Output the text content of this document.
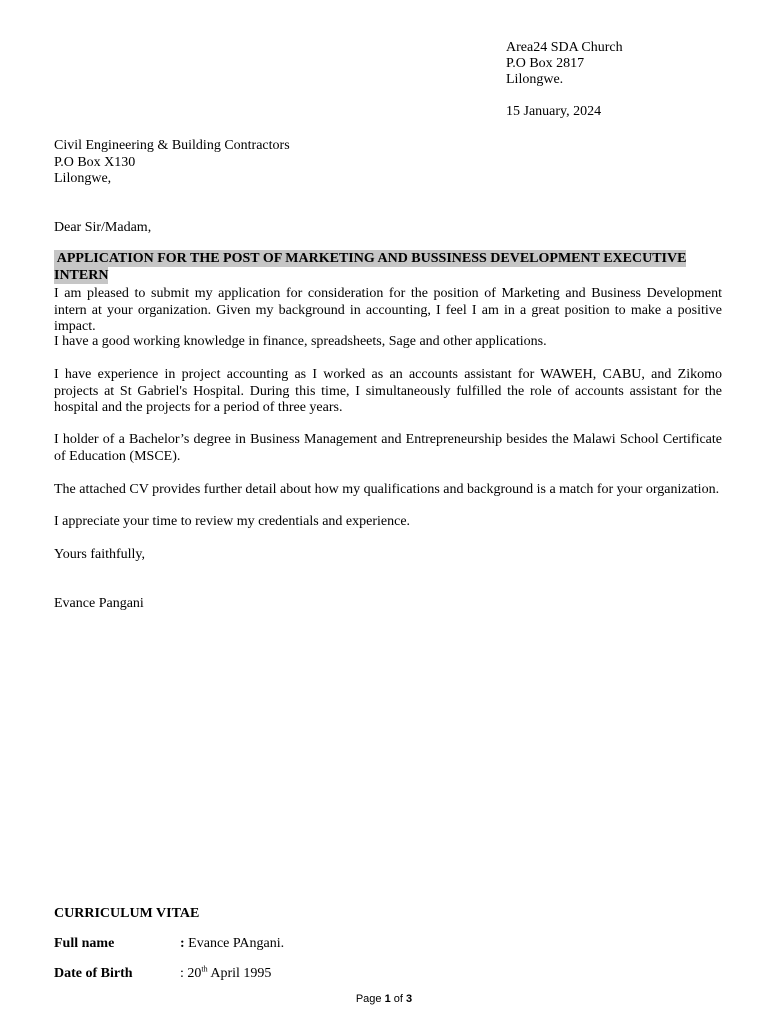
Area24 SDA Church
P.O Box 2817
Lilongwe.
15 January, 2024
Civil Engineering & Building Contractors
P.O Box X130
Lilongwe,
Dear Sir/Madam,
APPLICATION FOR THE POST OF MARKETING AND BUSSINESS DEVELOPMENT EXECUTIVE
INTERN
I am pleased to submit my application for consideration for the position of Marketing and Business Development intern at your organization. Given my background in accounting, I feel I am in a great position to make a positive impact.
I have a good working knowledge in finance, spreadsheets, Sage and other applications.
I have experience in project accounting as I worked as an accounts assistant for WAWEH, CABU, and Zikomo projects at St Gabriel's Hospital. During this time, I simultaneously fulfilled the role of accounts assistant for the hospital and the projects for a period of three years.
I holder of a Bachelor’s degree in Business Management and Entrepreneurship besides the Malawi School Certificate of Education (MSCE).
The attached CV provides further detail about how my qualifications and background is a match for your organization.
I appreciate your time to review my credentials and experience.
Yours faithfully,
Evance Pangani
CURRICULUM VITAE
Full name	: Evance PAngani.
Date of Birth	: 20th April 1995
Page 1 of 3
